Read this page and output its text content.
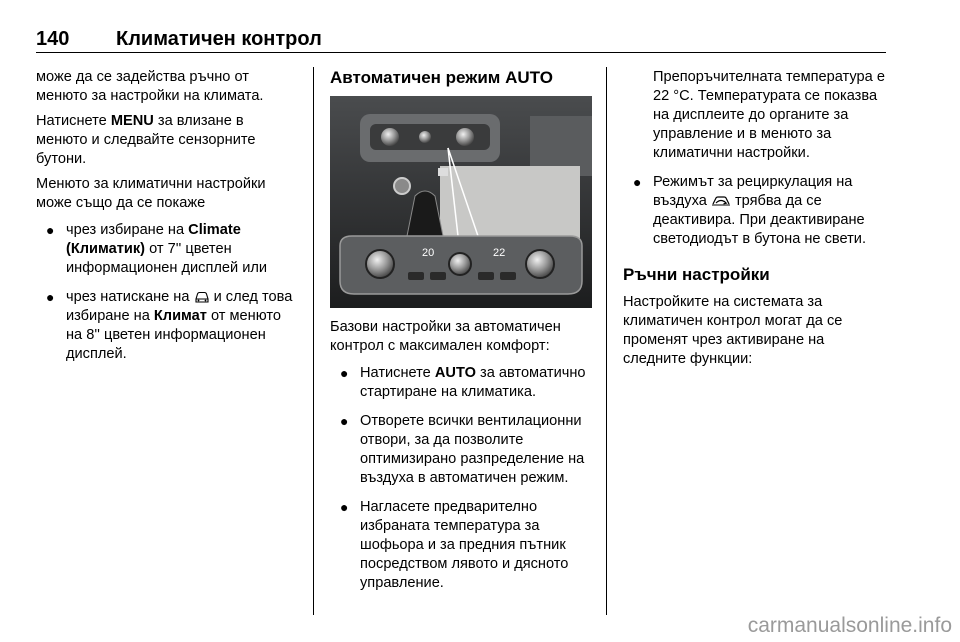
140 Климатичен контрол

може да се задейства ръчно от менюто за настройки на климата.

Натиснете MENU за влизане в менюто и следвайте сензорните бутони.

Менюто за климатични настройки може също да се покаже

● чрез избиране на Climate (Климатик) от 7'' цветен информационен дисплей или
● чрез натискане на  и след това избиране на Климат от менюто на 8'' цветен информационен дисплей.
Автоматичен режим AUTO
20	22

Базови настройки за автоматичен контрол с максимален комфорт:

● Натиснете AUTO за автоматично стартиране на климатика.
● Отворете всички вентилационни отвори, за да позволите оптимизирано разпределение на въздуха в автоматичен режим.
● Нагласете предварително избраната температура за шофьора и за предния пътник посредством лявото и дясното управление.

Препоръчителната температура е 22 °C. Температурата се показва на дисплеите до органите за управление и в менюто за климатични настройки.

● Режимът за рециркулация на въздуха  трябва да се деактивира. При деактивиране светодиодът в бутона не свети.
Ръчни настройки

Настройките на системата за климатичен контрол могат да се променят чрез активиране на следните функции:

carmanualsonline.info
